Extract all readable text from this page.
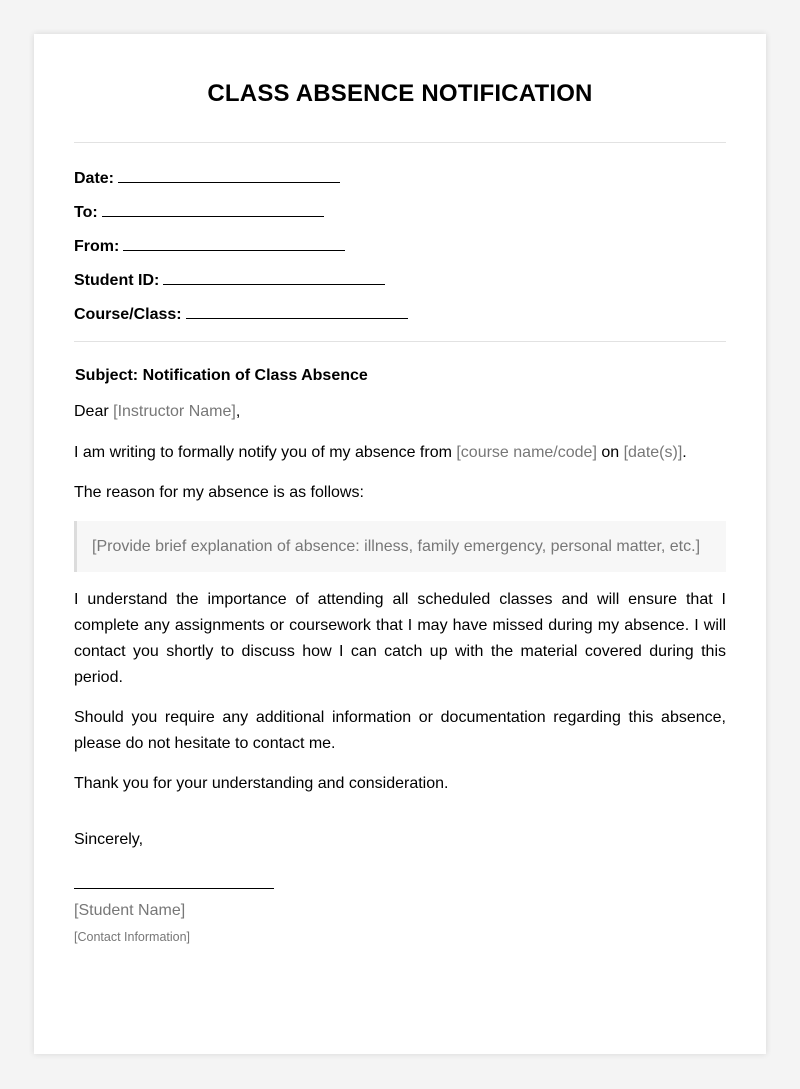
CLASS ABSENCE NOTIFICATION
Date:
To:
From:
Student ID:
Course/Class:
Subject: Notification of Class Absence

Dear [Instructor Name],

I am writing to formally notify you of my absence from [course name/code] on [date(s)].

The reason for my absence is as follows:

[Provide brief explanation of absence: illness, family emergency, personal matter, etc.]

I understand the importance of attending all scheduled classes and will ensure that I complete any assignments or coursework that I may have missed during my absence. I will contact you shortly to discuss how I can catch up with the material covered during this period.

Should you require any additional information or documentation regarding this absence, please do not hesitate to contact me.

Thank you for your understanding and consideration.

Sincerely,

[Student Name]
[Contact Information]
